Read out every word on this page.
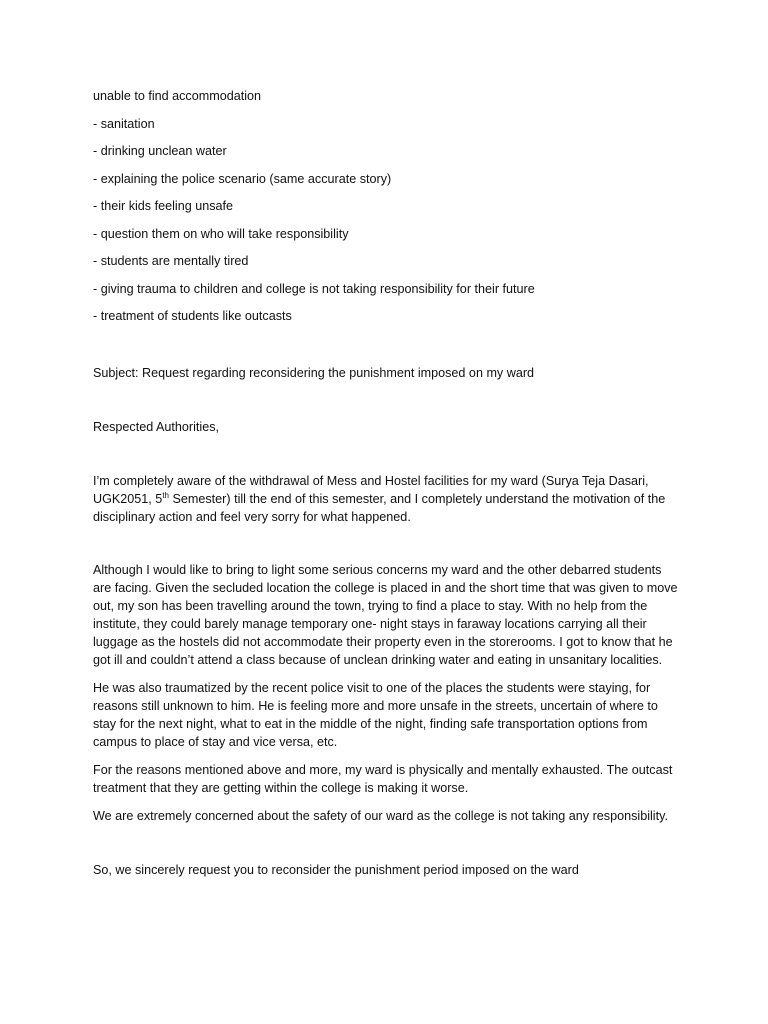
unable to find accommodation

- sanitation

- drinking unclean water

- explaining the police scenario (same accurate story)

- their kids feeling unsafe

- question them on who will take responsibility

- students are mentally tired

- giving trauma to children and college is not taking responsibility for their future

- treatment of students like outcasts

Subject: Request regarding reconsidering the punishment imposed on my ward

Respected Authorities,

I’m completely aware of the withdrawal of Mess and Hostel facilities for my ward (Surya Teja Dasari, UGK2051, 5th Semester) till the end of this semester, and I completely understand the motivation of the disciplinary action and feel very sorry for what happened.

Although I would like to bring to light some serious concerns my ward and the other debarred students are facing. Given the secluded location the college is placed in and the short time that was given to move out, my son has been travelling around the town, trying to find a place to stay. With no help from the institute, they could barely manage temporary one- night stays in faraway locations carrying all their luggage as the hostels did not accommodate their property even in the storerooms. I got to know that he got ill and couldn’t attend a class because of unclean drinking water and eating in unsanitary localities.

He was also traumatized by the recent police visit to one of the places the students were staying, for reasons still unknown to him. He is feeling more and more unsafe in the streets, uncertain of where to stay for the next night, what to eat in the middle of the night, finding safe transportation options from campus to place of stay and vice versa, etc.

For the reasons mentioned above and more, my ward is physically and mentally exhausted. The outcast treatment that they are getting within the college is making it worse.

We are extremely concerned about the safety of our ward as the college is not taking any responsibility.

So, we sincerely request you to reconsider the punishment period imposed on the ward
